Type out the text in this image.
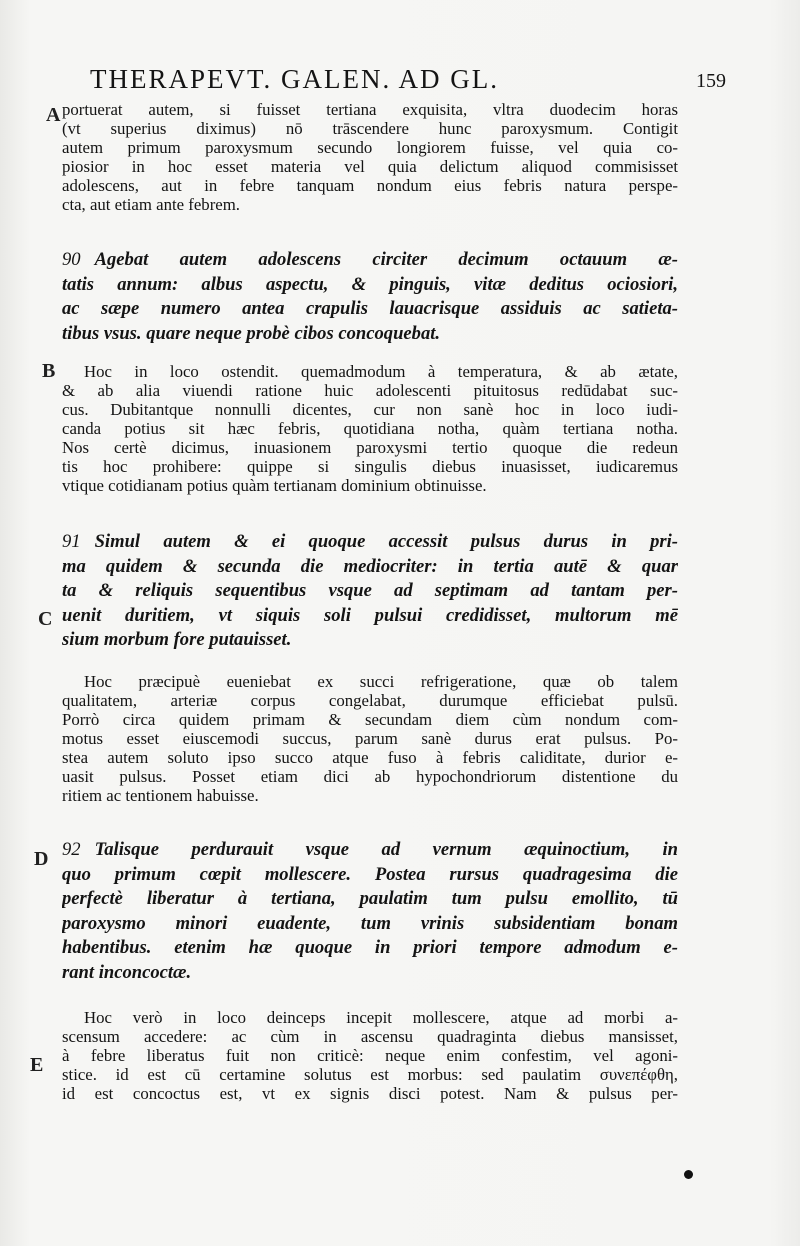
THERAPEVT. GALEN. AD GL.	159
A
B
C
D
E
portuerat autem, si fuisset tertiana exquisita, vltra duodecim horas
(vt superius diximus) nō trāscendere hunc paroxysmum. Contigit
autem primum paroxysmum secundo longiorem fuisse, vel quia co-
piosior in hoc esset materia vel quia delictum aliquod commisisset
adolescens, aut in febre tanquam nondum eius febris natura perspe-
cta, aut etiam ante febrem.
90 Agebat autem adolescens circiter decimum octauum æ-
tatis annum: albus aspectu, & pinguis, vitæ deditus ociosiori,
ac sæpe numero antea crapulis lauacrisque assiduis ac satieta-
tibus vsus. quare neque probè cibos concoquebat.
Hoc in loco ostendit. quemadmodum à temperatura, & ab ætate,
& ab alia viuendi ratione huic adolescenti pituitosus redūdabat suc-
cus. Dubitantque nonnulli dicentes, cur non sanè hoc in loco iudi-
canda potius sit hæc febris, quotidiana notha, quàm tertiana notha.
Nos certè dicimus, inuasionem paroxysmi tertio quoque die redeun
tis hoc prohibere: quippe si singulis diebus inuasisset, iudicaremus
vtique cotidianam potius quàm tertianam dominium obtinuisse.
91 Simul autem & ei quoque accessit pulsus durus in pri-
ma quidem & secunda die mediocriter: in tertia autē & quar
ta & reliquis sequentibus vsque ad septimam ad tantam per-
uenit duritiem, vt siquis soli pulsui credidisset, multorum mē
sium morbum fore putauisset.
Hoc præcipuè eueniebat ex succi refrigeratione, quæ ob talem
qualitatem, arteriæ corpus congelabat, durumque efficiebat pulsū.
Porrò circa quidem primam & secundam diem cùm nondum com-
motus esset eiuscemodi succus, parum sanè durus erat pulsus. Po-
stea autem soluto ipso succo atque fuso à febris caliditate, durior e-
uasit pulsus. Posset etiam dici ab hypochondriorum distentione du
ritiem ac tentionem habuisse.
92 Talisque perdurauit vsque ad vernum æquinoctium, in
quo primum cœpit mollescere. Postea rursus quadragesima die
perfectè liberatur à tertiana, paulatim tum pulsu emollito, tū
paroxysmo minori euadente, tum vrinis subsidentiam bonam
habentibus. etenim hæ quoque in priori tempore admodum e-
rant inconcoctæ.
Hoc verò in loco deinceps incepit mollescere, atque ad morbi a-
scensum accedere: ac cùm in ascensu quadraginta diebus mansisset,
à febre liberatus fuit non criticè: neque enim confestim, vel agoni-
stice. id est cū certamine solutus est morbus: sed paulatim συνεπέφθη,
id est concoctus est, vt ex signis disci potest. Nam & pulsus per-
